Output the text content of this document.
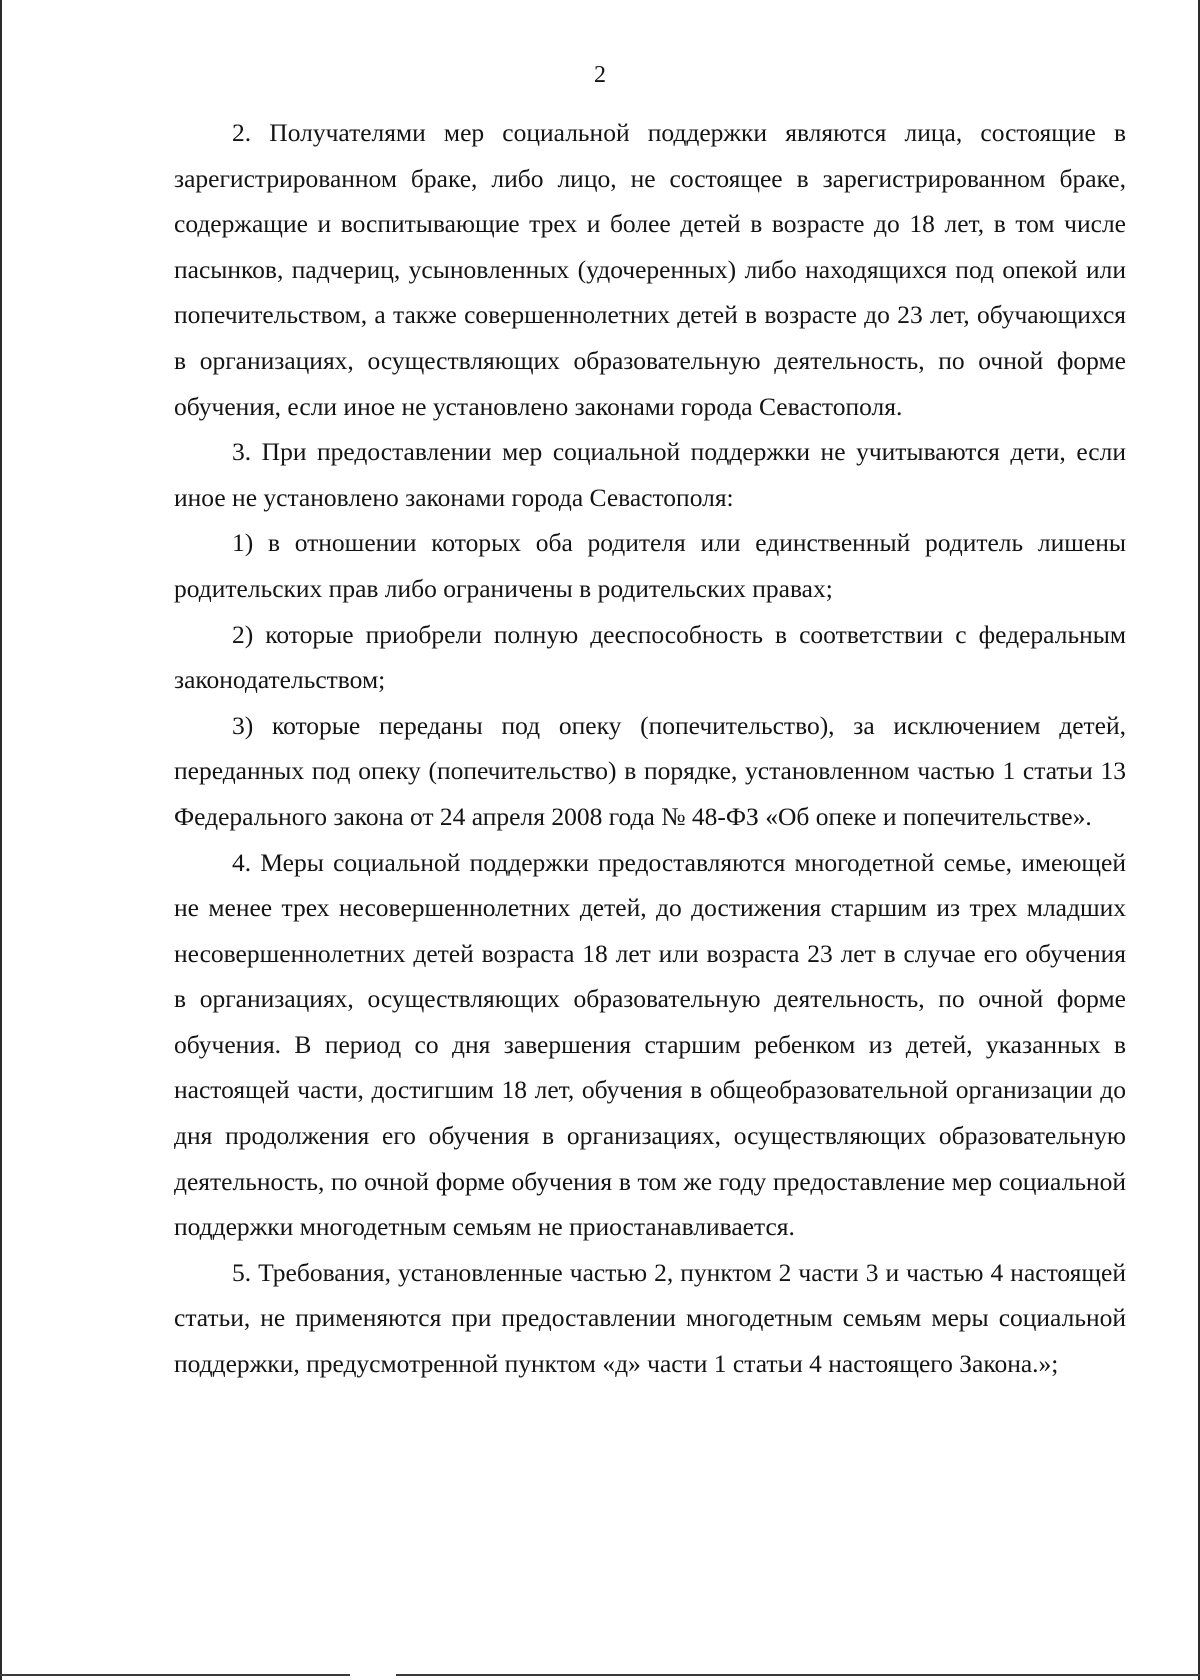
2

2. Получателями мер социальной поддержки являются лица, состоящие в зарегистрированном браке, либо лицо, не состоящее в зарегистрированном браке, содержащие и воспитывающие трех и более детей в возрасте до 18 лет, в том числе пасынков, падчериц, усыновленных (удочеренных) либо находящихся под опекой или попечительством, а также совершеннолетних детей в возрасте до 23 лет, обучающихся в организациях, осуществляющих образовательную деятельность, по очной форме обучения, если иное не установлено законами города Севастополя.

3. При предоставлении мер социальной поддержки не учитываются дети, если иное не установлено законами города Севастополя:

1) в отношении которых оба родителя или единственный родитель лишены родительских прав либо ограничены в родительских правах;

2) которые приобрели полную дееспособность в соответствии с федеральным законодательством;

3) которые переданы под опеку (попечительство), за исключением детей, переданных под опеку (попечительство) в порядке, установленном частью 1 статьи 13 Федерального закона от 24 апреля 2008 года № 48-ФЗ «Об опеке и попечительстве».

4. Меры социальной поддержки предоставляются многодетной семье, имеющей не менее трех несовершеннолетних детей, до достижения старшим из трех младших несовершеннолетних детей возраста 18 лет или возраста 23 лет в случае его обучения в организациях, осуществляющих образовательную деятельность, по очной форме обучения. В период со дня завершения старшим ребенком из детей, указанных в настоящей части, достигшим 18 лет, обучения в общеобразовательной организации до дня продолжения его обучения в организациях, осуществляющих образовательную деятельность, по очной форме обучения в том же году предоставление мер социальной поддержки многодетным семьям не приостанавливается.

5. Требования, установленные частью 2, пунктом 2 части 3 и частью 4 настоящей статьи, не применяются при предоставлении многодетным семьям меры социальной поддержки, предусмотренной пунктом «д» части 1 статьи 4 настоящего Закона.»;
